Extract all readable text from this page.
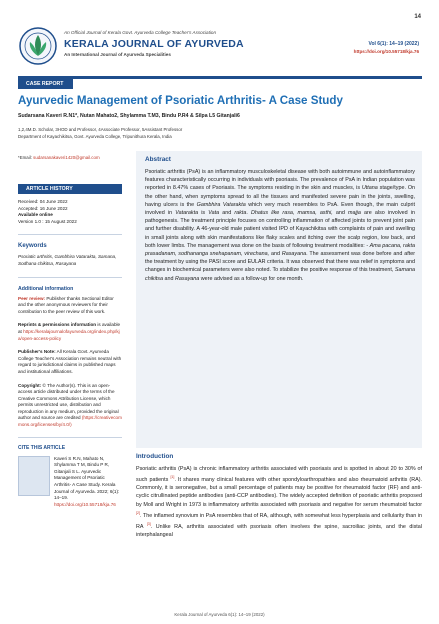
14
An Official Journal of Kerala Govt. Ayurveda College Teacher's Association
KERALA JOURNAL OF AYURVEDA
An International Journal of Ayurveda Specialities
Vol 6(1): 14–19 (2022)
https://doi.org/10.55718/kja.76
CASE REPORT
Ayurvedic Management of Psoriatic Arthritis- A Case Study
Sudarsana Kaveri R.N1*, Nutan Mahato2, Shylamma T.M3, Bindu P.R4 & Silpa L5 Gitanjali6
1,2,4M.D. Scholar, 3HOD and Professor, 4Associate Professor, 5Assistant Professor
Department of Kayachikitsa, Govt. Ayurveda College, Tripunithura Kerala, India
*Email: sudarsanakaveri1420@gmail.com
ARTICLE HISTORY
Received: 04 June 2022
Accepted: 16 June 2022
Available online
Version 1.0 : 15 August 2022
Keywords
Psoriatic arthritis, Gambhira Vatarakta, Samana, Sodhana chikitsa, Rasayana
Additional information
Peer review: Publisher thanks Sectional Editor and the other anonymous reviewers for their contribution to the peer review of this work.
Reprints & permissions information is available at https://keralajournalofayurveda.org/index.php/kja/open-access-policy
Publisher's Note: All Kerala Govt. Ayurveda College Teacher's Association remains neutral with regard to jurisdictional claims in published maps and institutional affiliations.
Copyright: © The Author(s). This is an open-access article distributed under the terms of the Creative Commons Attribution License, which permits unrestricted use, distribution and reproduction in any medium, provided the original author and source are credited (https://creativecommons.org/licenses/by/4.0/)
CITE THIS ARTICLE
Kaveri S R.N, Mahato N, Shylamma T M, Bindu P R, Gitanjali S L. Ayurvedic Management of Psoriatic Arthritis- A Case Study. Kerala Journal of Ayurveda. 2022; 6(1): 14–19. https://doi.org/10.55718/kja.76
Abstract
Psoriatic arthritis (PsA) is an inflammatory musculoskeletal disease with both autoimmune and autoinflammatory features characteristically occurring in individuals with psoriasis. The prevalence of PsA in Indian population was reported in 8.47% cases of Psoriasis. The symptoms residing in the skin and muscles, is Uttana stage/type. On the other hand, when symptoms spread to all the tissues and manifested severe pain in the joints, swelling, having ulcers is the Gambhira Vatarakta which very much resembles to PsA. Even though, the main culprit involved in Vatarakta is Vata and rakta. Dhatus like rasa, mamsa, asthi, and majja are also involved in pathogenesis. The treatment principle focuses on controlling inflammation of affected joints to prevent joint pain and further disability. A 46-year-old male patient visited IPD of Kayachikitsa with complaints of pain and swelling in small joints along with skin manifestations like flaky scales and itching over the scalp region, low back, and both lower limbs. The management was done on the basis of following treatment modalities: - Ama pacana, rakta prasadanam, sodhananga snehapanam, virechana, and Rasayana. The assessment was done before and after the treatment by using the PASI score and EULAR criteria. It was observed that there was relief in symptoms and changes in biochemical parameters were also noted. To stabilize the positive response of this treatment, Samana chikitsa and Rasayana were advised as a follow-up for one month.
Introduction
Psoriatic arthritis (PsA) is chronic inflammatory arthritis associated with psoriasis and is spotted in about 20 to 30% of such patients [1]. It shares many clinical features with other spondyloarthropathies and also rheumatoid arthritis (RA). Commonly, it is seronegative, but a small percentage of patients may be positive for rheumatoid factor (RF) and anti-cyclic citrullinated peptide antibodies (anti-CCP antibodies). The widely accepted definition of psoriatic arthritis proposed by Moll and Wright in 1973 is inflammatory arthritis associated with psoriasis and negative for serum rheumatoid factor [2]. The inflamed synovium in PsA resembles that of RA, although, with somewhat less hyperplasia and cellularity than in RA [3]. Unlike RA, arthritis associated with psoriasis often involves the spine, sacroiliac joints, and the distal interphalangeal
Kerala Journal of Ayurveda 6(1): 14–19 (2022)
